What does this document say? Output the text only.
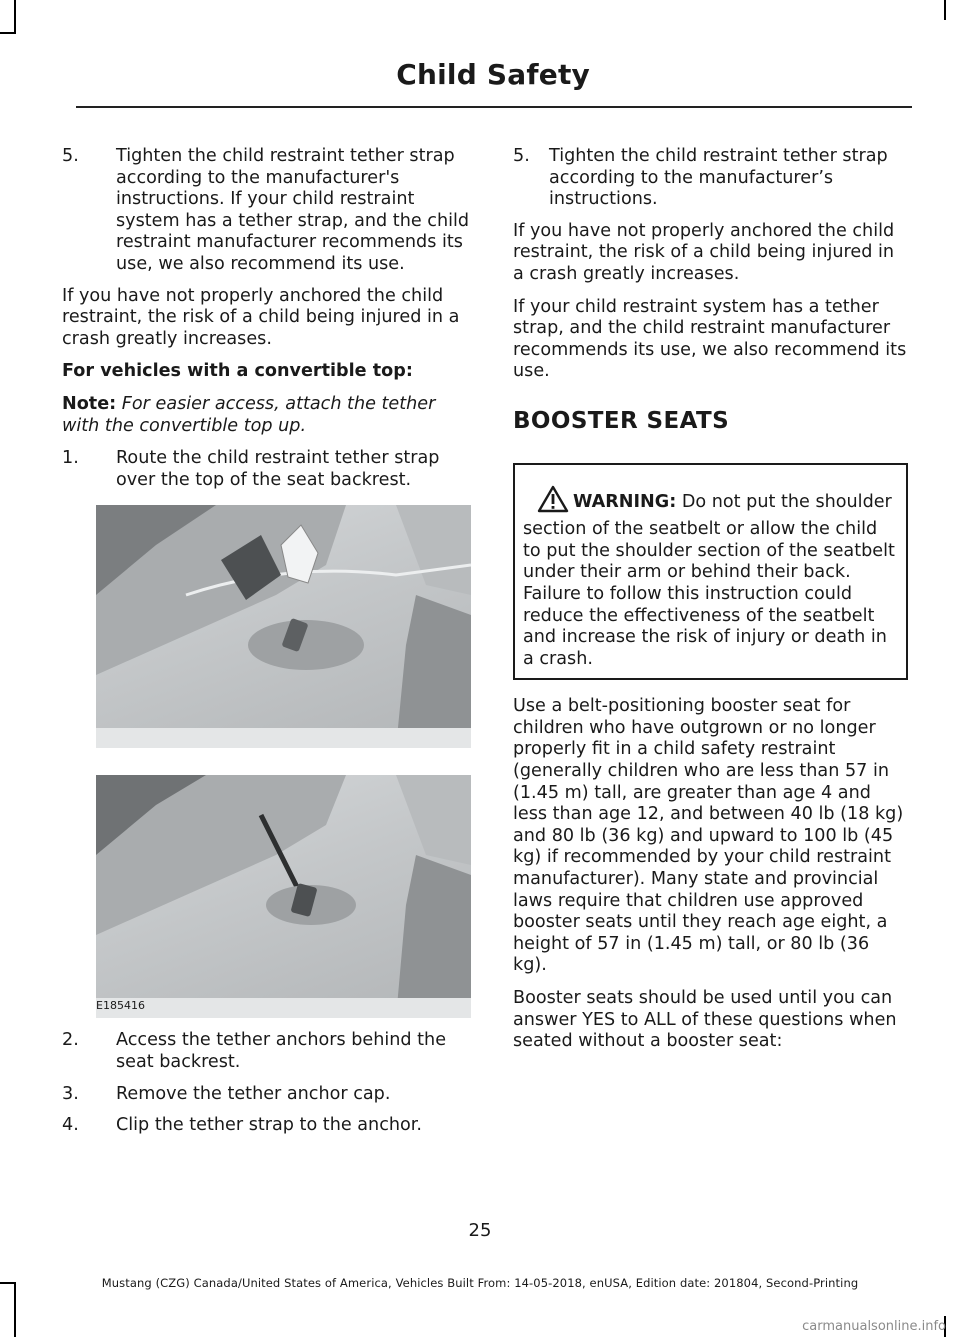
Child Safety
5.	Tighten the child restraint tether strap according to the manufacturer's instructions. If your child restraint system has a tether strap, and the child restraint manufacturer recommends its use, we also recommend its use.

If you have not properly anchored the child restraint, the risk of a child being injured in a crash greatly increases.

For vehicles with a convertible top:

Note: For easier access, attach the tether with the convertible top up.

1.	Route the child restraint tether strap over the top of the seat backrest.
E185416
2.	Access the tether anchors behind the seat backrest.
3.	Remove the tether anchor cap.
4.	Clip the tether strap to the anchor.
5.	Tighten the child restraint tether strap according to the manufacturer’s instructions.

If you have not properly anchored the child restraint, the risk of a child being injured in a crash greatly increases.

If your child restraint system has a tether strap, and the child restraint manufacturer recommends its use, we also recommend its use.

BOOSTER SEATS
WARNING: Do not put the shoulder section of the seatbelt or allow the child to put the shoulder section of the seatbelt under their arm or behind their back. Failure to follow this instruction could reduce the effectiveness of the seatbelt and increase the risk of injury or death in a crash.

Use a belt-positioning booster seat for children who have outgrown or no longer properly fit in a child safety restraint (generally children who are less than 57 in (1.45 m) tall, are greater than age 4 and less than age 12, and between 40 lb (18 kg) and 80 lb (36 kg) and upward to 100 lb (45 kg) if recommended by your child restraint manufacturer). Many state and provincial laws require that children use approved booster seats until they reach age eight, a height of 57 in (1.45 m) tall, or 80 lb (36 kg).

Booster seats should be used until you can answer YES to ALL of these questions when seated without a booster seat:

25
Mustang (CZG) Canada/United States of America, Vehicles Built From: 14-05-2018, enUSA, Edition date: 201804, Second-Printing
carmanualsonline.info
